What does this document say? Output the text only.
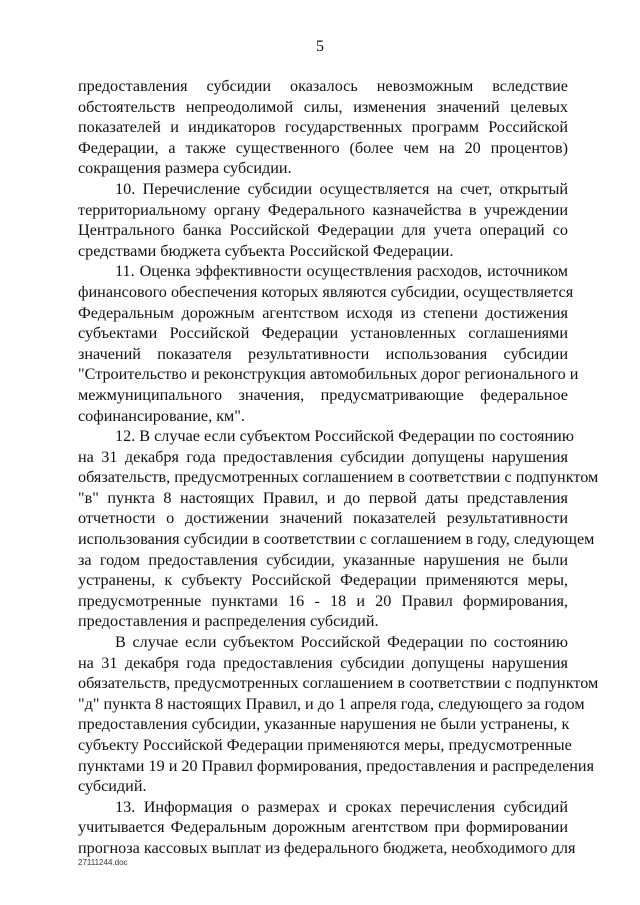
5
предоставления субсидии оказалось невозможным вследствие
обстоятельств непреодолимой силы, изменения значений целевых
показателей и индикаторов государственных программ Российской
Федерации, а также существенного (более чем на 20 процентов)
сокращения размера субсидии.
10. Перечисление субсидии осуществляется на счет, открытый
территориальному органу Федерального казначейства в учреждении
Центрального банка Российской Федерации для учета операций со
средствами бюджета субъекта Российской Федерации.
11. Оценка эффективности осуществления расходов, источником
финансового обеспечения которых являются субсидии, осуществляется
Федеральным дорожным агентством исходя из степени достижения
субъектами Российской Федерации установленных соглашениями
значений показателя результативности использования субсидии
"Строительство и реконструкция автомобильных дорог регионального и
межмуниципального значения, предусматривающие федеральное
софинансирование, км".
12. В случае если субъектом Российской Федерации по состоянию
на 31 декабря года предоставления субсидии допущены нарушения
обязательств, предусмотренных соглашением в соответствии с подпунктом
"в" пункта 8 настоящих Правил, и до первой даты представления
отчетности о достижении значений показателей результативности
использования субсидии в соответствии с соглашением в году, следующем
за годом предоставления субсидии, указанные нарушения не были
устранены, к субъекту Российской Федерации применяются меры,
предусмотренные пунктами 16 - 18 и 20 Правил формирования,
предоставления и распределения субсидий.
В случае если субъектом Российской Федерации по состоянию
на 31 декабря года предоставления субсидии допущены нарушения
обязательств, предусмотренных соглашением в соответствии с подпунктом
"д" пункта 8 настоящих Правил, и до 1 апреля года, следующего за годом
предоставления субсидии, указанные нарушения не были устранены, к
субъекту Российской Федерации применяются меры, предусмотренные
пунктами 19 и 20 Правил формирования, предоставления и распределения
субсидий.
13. Информация о размерах и сроках перечисления субсидий
учитывается Федеральным дорожным агентством при формировании
прогноза кассовых выплат из федерального бюджета, необходимого для
27111244.doc
